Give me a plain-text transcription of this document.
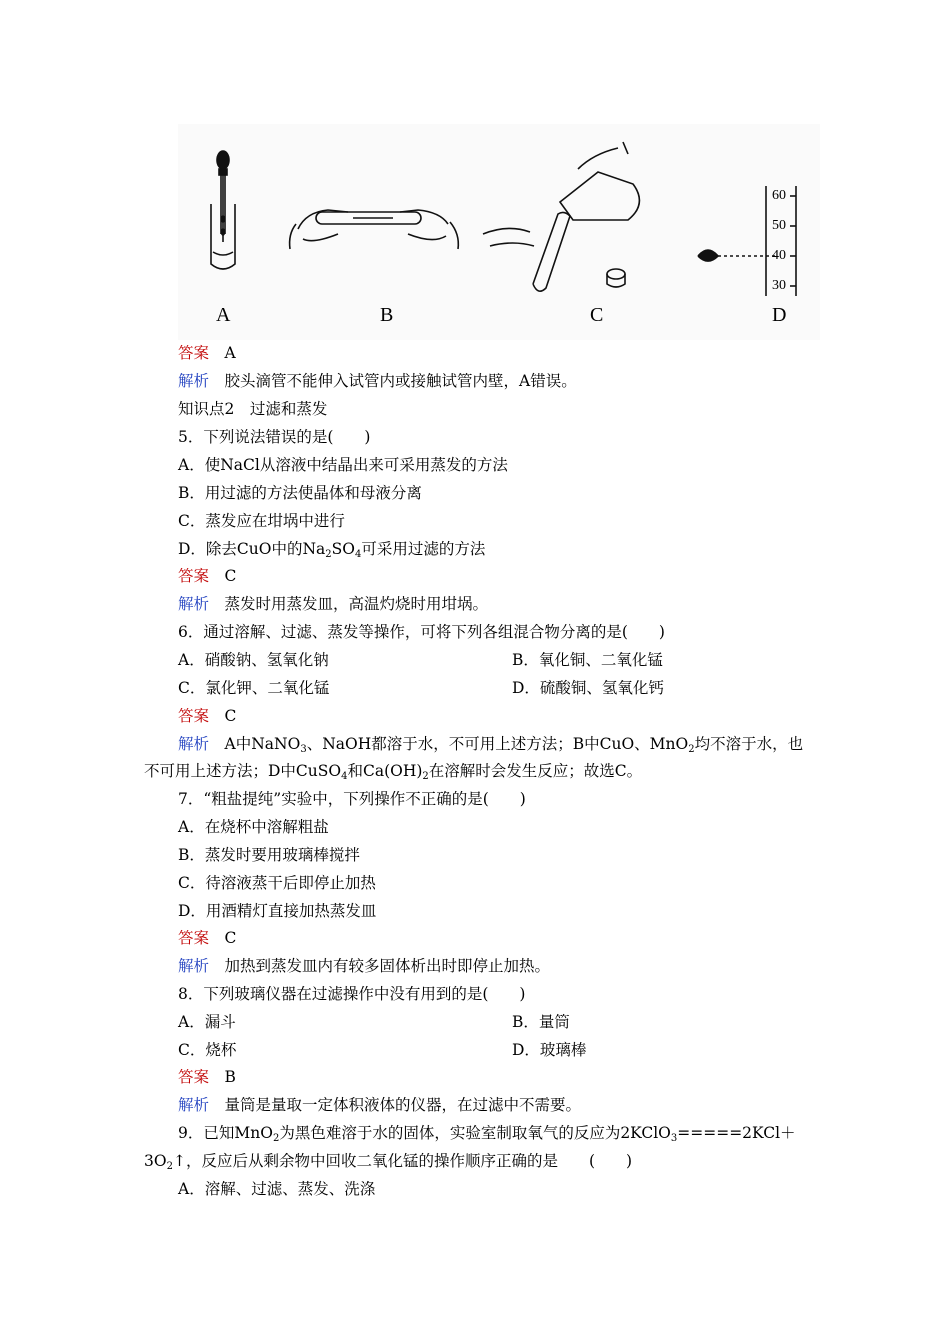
A	B	C	D
60
50
40
30
答案　 A
解析　 胶头滴管不能伸入试管内或接触试管内壁，A错误。
知识点2　过滤和蒸发
5．下列说法错误的是(　　)
A．使NaCl从溶液中结晶出来可采用蒸发的方法
B．用过滤的方法使晶体和母液分离
C．蒸发应在坩埚中进行
D．除去CuO中的$Na_2SO_4$可采用过滤的方法
答案　 C
解析　 蒸发时用蒸发皿，高温灼烧时用坩埚。
6．通过溶解、过滤、蒸发等操作，可将下列各组混合物分离的是(　　)
A．硝酸钠、氢氧化钠	B．氧化铜、二氧化锰
C．氯化钾、二氧化锰	D．硫酸铜、氢氧化钙
答案　 C
解析　 A中NaNO$_3$、NaOH都溶于水，不可用上述方法；B中CuO、MnO$_2$均不溶于水，也
不可用上述方法；D中CuSO$_4$和$Ca(OH)_2$在溶解时会发生反应；故选C。
7．“粗盐提纯”实验中，下列操作不正确的是(　　)
A．在烧杯中溶解粗盐
B．蒸发时要用玻璃棒搅拌
C．待溶液蒸干后即停止加热
D．用酒精灯直接加热蒸发皿
答案　 C
解析　 加热到蒸发皿内有较多固体析出时即停止加热。
8．下列玻璃仪器在过滤操作中没有用到的是(　　)
A．漏斗	B．量筒
C．烧杯	D．玻璃棒
答案　 B
解析　 量筒是量取一定体积液体的仪器，在过滤中不需要。
9．已知MnO$_2$为黑色难溶于水的固体，实验室制取氧气的反应为2KClO$_3$=====2KCl＋
$3O_2↑$，反应后从剩余物中回收二氧化锰的操作顺序正确的是　　(　　)
A．溶解、过滤、蒸发、洗涤
